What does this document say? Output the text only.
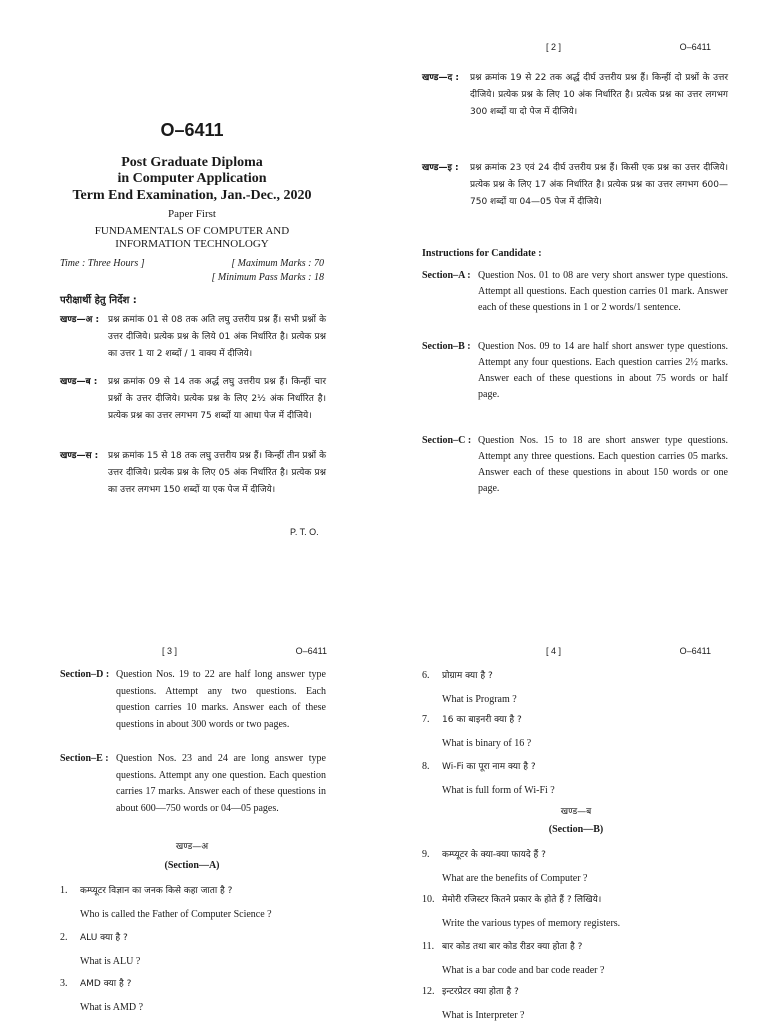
O–6411
Post Graduate Diploma
in Computer Application
Term End Examination, Jan.-Dec., 2020
Paper First
FUNDAMENTALS OF COMPUTER AND
INFORMATION TECHNOLOGY
Time : Three Hours ]	[ Maximum Marks : 70
[ Minimum Pass Marks : 18
परीक्षार्थी हेतु निर्देश :
खण्ड—अ : प्रश्न क्रमांक 01 से 08 तक अति लघु उत्तरीय प्रश्न हैं। सभी प्रश्नों के उत्तर दीजिये। प्रत्येक प्रश्न के लिये 01 अंक निर्धारित है। प्रत्येक प्रश्न का उत्तर 1 या 2 शब्दों / 1 वाक्य में दीजिये।
खण्ड—ब : प्रश्न क्रमांक 09 से 14 तक अर्द्ध लघु उत्तरीय प्रश्न हैं। किन्हीं चार प्रश्नों के उत्तर दीजिये। प्रत्येक प्रश्न के लिए 2½ अंक निर्धारित है। प्रत्येक प्रश्न का उत्तर लगभग 75 शब्दों या आधा पेज में दीजिये।
खण्ड—स : प्रश्न क्रमांक 15 से 18 तक लघु उत्तरीय प्रश्न हैं। किन्हीं तीन प्रश्नों के उत्तर दीजिये। प्रत्येक प्रश्न के लिए 05 अंक निर्धारित है। प्रत्येक प्रश्न का उत्तर लगभग 150 शब्दों या एक पेज में दीजिये।
P. T. O.
[ 2 ]	O–6411
खण्ड—द : प्रश्न क्रमांक 19 से 22 तक अर्द्ध दीर्घ उत्तरीय प्रश्न हैं। किन्हीं दो प्रश्नों के उत्तर दीजिये। प्रत्येक प्रश्न के लिए 10 अंक निर्धारित है। प्रत्येक प्रश्न का उत्तर लगभग 300 शब्दों या दो पेज में दीजिये।
खण्ड—इ : प्रश्न क्रमांक 23 एवं 24 दीर्घ उत्तरीय प्रश्न हैं। किसी एक प्रश्न का उत्तर दीजिये। प्रत्येक प्रश्न के लिए 17 अंक निर्धारित है। प्रत्येक प्रश्न का उत्तर लगभग 600—750 शब्दों या 04—05 पेज में दीजिये।
Instructions for Candidate :
Section–A : Question Nos. 01 to 08 are very short answer type questions. Attempt all questions. Each question carries 01 mark. Answer each of these questions in 1 or 2 words/1 sentence.
Section–B : Question Nos. 09 to 14 are half short answer type questions. Attempt any four questions. Each question carries 2½ marks. Answer each of these questions in about 75 words or half page.
Section–C : Question Nos. 15 to 18 are short answer type questions. Attempt any three questions. Each question carries 05 marks. Answer each of these questions in about 150 words or one page.
[ 3 ]	O–6411
Section–D : Question Nos. 19 to 22 are half long answer type questions. Attempt any two questions. Each question carries 10 marks. Answer each of these questions in about 300 words or two pages.
Section–E : Question Nos. 23 and 24 are long answer type questions. Attempt any one question. Each question carries 17 marks. Answer each of these questions in about 600—750 words or 04—05 pages.
खण्ड—अ
(Section—A)
1. कम्प्यूटर विज्ञान का जनक किसे कहा जाता है ?
Who is called the Father of Computer Science ?
2. ALU क्या है ?
What is ALU ?
3. AMD क्या है ?
What is AMD ?
[ 4 ]	O–6411
6. प्रोग्राम क्या है ?
What is Program ?
7. 16 का बाइनरी क्या है ?
What is binary of 16 ?
8. Wi-Fi का पूरा नाम क्या है ?
What is full form of Wi-Fi ?
खण्ड—ब
(Section—B)
9. कम्प्यूटर के क्या-क्या फायदे हैं ?
What are the benefits of Computer ?
10. मेमोरी रजिस्टर कितने प्रकार के होते हैं ? लिखिये।
Write the various types of memory registers.
11. बार कोड तथा बार कोड रीडर क्या होता है ?
What is a bar code and bar code reader ?
12. इन्टरप्रेटर क्या होता है ?
What is Interpreter ?
